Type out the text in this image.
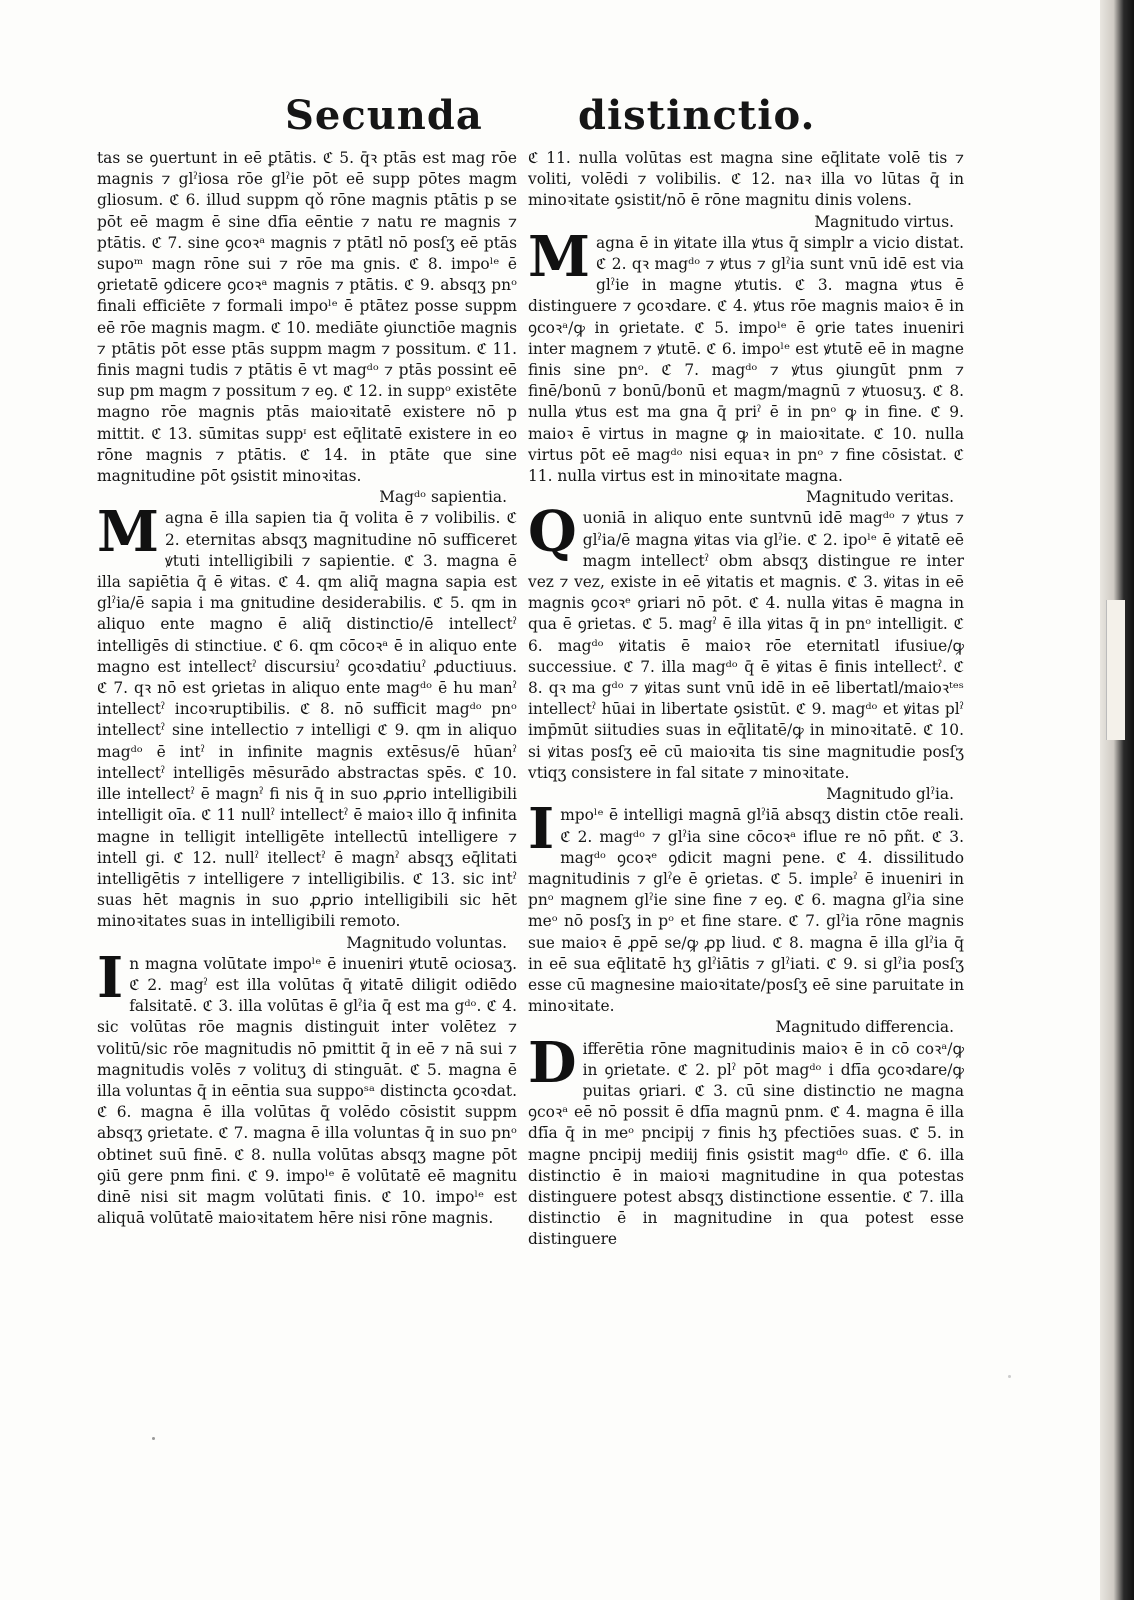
Secunda distinctio.

tas se ꝯuertunt in eē ꝑtātis. ℭ 5. q̄ꝛ ptās est mag rōe magnis ⁊ glˀiosa rōe glˀie pōt eē supp pōtes magm gliosum. ℭ 6. illud suppm qǒ rōne magnis ptātis p se pōt eē magm ē sine dfīa eēntie ⁊ natu re magnis ⁊ ptātis. ℭ 7. sine ꝯcoꝛᵃ magnis ⁊ ptātl nō posſʒ eē ptās supoᵐ magn rōne sui ⁊ rōe ma gnis. ℭ 8. impoˡᵉ ē ꝯrietatē ꝯdicere ꝯcoꝛᵃ magnis ⁊ ptātis. ℭ 9. absqʒ pnᵒ finali efficiēte ⁊ formali impoˡᵉ ē ptātez posse suppm eē rōe magnis magm. ℭ 10. mediāte ꝯiunctiōe magnis ⁊ ptātis pōt esse ptās suppm magm ⁊ possitum. ℭ 11. finis magni tudis ⁊ ptātis ē vt magᵈᵒ ⁊ ptās possint eē sup pm magm ⁊ possitum ⁊ eꝯ. ℭ 12. in suppᵒ existēte magno rōe magnis ptās maioꝛitatē existere nō p mittit. ℭ 13. sūmitas suppᶦ est eq̄litatē existere in eo rōne magnis ⁊ ptātis. ℭ 14. in ptāte que sine magnitudine pōt ꝯsistit minoꝛitas.

Magᵈᵒ sapientia.

Magna ē illa sapien tia q̄ volita ē ⁊ volibilis. ℭ 2. eternitas absqʒ magnitudine nō sufficeret ꝟtuti intelligibili ⁊ sapientie. ℭ 3. magna ē illa sapiētia q̄ ē ꝟitas. ℭ 4. qm aliq̄ magna sapia est glˀia/ē sapia i ma gnitudine desiderabilis. ℭ 5. qm in aliquo ente magno ē aliq̄ distinctio/ē intellectˀ intelligēs di stinctiue. ℭ 6. qm cōcoꝛᵃ ē in aliquo ente magno est intellectˀ discursiuˀ ꝯcoꝛdatiuˀ ꝓductiuus. ℭ 7. qꝛ nō est ꝯrietas in aliquo ente magᵈᵒ ē hu manˀ intellectˀ incoꝛruptibilis. ℭ 8. nō sufficit magᵈᵒ pnᵒ intellectˀ sine intellectio ⁊ intelligi ℭ 9. qm in aliquo magᵈᵒ ē intˀ in infinite magnis extēsus/ē hūanˀ intellectˀ intelligēs mēsurādo abstractas spēs. ℭ 10. ille intellectˀ ē magnˀ fi nis q̄ in suo ꝓꝓrio intelligibili intelligit oīa. ℭ 11 nullˀ intellectˀ ē maioꝛ illo q̄ infinita magne in telligit intelligēte intellectū intelligere ⁊ intell gi. ℭ 12. nullˀ itellectˀ ē magnˀ absqʒ eq̄litati intelligētis ⁊ intelligere ⁊ intelligibilis. ℭ 13. sic intˀ suas hēt magnis in suo ꝓꝓrio intelligibili sic hēt minoꝛitates suas in intelligibili remoto.

Magnitudo voluntas.

In magna volūtate impoˡᵉ ē inueniri ꝟtutē ociosaʒ. ℭ 2. magˀ est illa volūtas q̄ ꝟitatē diligit odiēdo falsitatē. ℭ 3. illa volūtas ē glˀia q̄ est ma gᵈᵒ. ℭ 4. sic volūtas rōe magnis distinguit inter volētez ⁊ volitū/sic rōe magnitudis nō pmittit q̄ in eē ⁊ nā sui ⁊ magnitudis volēs ⁊ volituʒ di stinguāt. ℭ 5. magna ē illa voluntas q̄ in eēntia sua suppoˢᵃ distincta ꝯcoꝛdat. ℭ 6. magna ē illa volūtas q̄ volēdo cōsistit suppm absqʒ ꝯrietate. ℭ 7. magna ē illa voluntas q̄ in suo pnᵒ obtinet suū finē. ℭ 8. nulla volūtas absqʒ magne pōt ꝯiū gere pnm fini. ℭ 9. impoˡᵉ ē volūtatē eē magnitu dinē nisi sit magm volūtati finis. ℭ 10. impoˡᵉ est aliquā volūtatē maioꝛitatem hēre nisi rōne magnis.

ℭ 11. nulla volūtas est magna sine eq̄litate volē tis ⁊ voliti, volēdi ⁊ volibilis. ℭ 12. naꝛ illa vo lūtas q̄ in minoꝛitate ꝯsistit/nō ē rōne magnitu dinis volens.

Magnitudo virtus.

Magna ē in ꝟitate illa ꝟtus q̄ simplr a vicio distat. ℭ 2. qꝛ magᵈᵒ ⁊ ꝟtus ⁊ glˀia sunt vnū idē est via glˀie in magne ꝟtutis. ℭ 3. magna ꝟtus ē distinguere ⁊ ꝯcoꝛdare. ℭ 4. ꝟtus rōe magnis maioꝛ ē in ꝯcoꝛᵃ/ꝙ in ꝯrietate. ℭ 5. impoˡᵉ ē ꝯrie tates inueniri inter magnem ⁊ ꝟtutē. ℭ 6. impoˡᵉ est ꝟtutē eē in magne finis sine pnᵒ. ℭ 7. magᵈᵒ ⁊ ꝟtus ꝯiungūt pnm ⁊ finē/bonū ⁊ bonū/bonū et magm/magnū ⁊ ꝟtuosuʒ. ℭ 8. nulla ꝟtus est ma gna q̄ priˀ ē in pnᵒ ꝙ in fine. ℭ 9. maioꝛ ē virtus in magne ꝙ in maioꝛitate. ℭ 10. nulla virtus pōt eē magᵈᵒ nisi equaꝛ in pnᵒ ⁊ fine cōsistat. ℭ 11. nulla virtus est in minoꝛitate magna.

Magnitudo veritas.

Quoniā in aliquo ente suntvnū idē magᵈᵒ ⁊ ꝟtus ⁊ glˀia/ē magna ꝟitas via glˀie. ℭ 2. ipoˡᵉ ē ꝟitatē eē magm intellectˀ obm absqʒ distingue re inter vez ⁊ vez, existe in eē ꝟitatis et magnis. ℭ 3. ꝟitas in eē magnis ꝯcoꝛᵉ ꝯriari nō pōt. ℭ 4. nulla ꝟitas ē magna in qua ē ꝯrietas. ℭ 5. magˀ ē illa ꝟitas q̄ in pnᵒ intelligit. ℭ 6. magᵈᵒ ꝟitatis ē maioꝛ rōe eternitatl ifusiue/ꝙ successiue. ℭ 7. illa magᵈᵒ q̄ ē ꝟitas ē finis intellectˀ. ℭ 8. qꝛ ma gᵈᵒ ⁊ ꝟitas sunt vnū idē in eē libertatl/maioꝛᵗᵉˢ intellectˀ hūai in libertate ꝯsistūt. ℭ 9. magᵈᵒ et ꝟitas plˀ imp̄mūt siitudies suas in eq̄litatē/ꝙ in minoꝛitatē. ℭ 10. si ꝟitas posſʒ eē cū maioꝛita tis sine magnitudie posſʒ vtiqʒ consistere in fal sitate ⁊ minoꝛitate.

Magnitudo glˀia.

Impoˡᵉ ē intelligi magnā glˀiā absqʒ distin ctōe reali. ℭ 2. magᵈᵒ ⁊ glˀia sine cōcoꝛᵃ iflue re nō pñt. ℭ 3. magᵈᵒ ꝯcoꝛᵉ ꝯdicit magni pene. ℭ 4. dissilitudo magnitudinis ⁊ glˀe ē ꝯrietas. ℭ 5. impleˀ ē inueniri in pnᵒ magnem glˀie sine fine ⁊ eꝯ. ℭ 6. magna glˀia sine meᵒ nō posſʒ in pᵒ et fine stare. ℭ 7. glˀia rōne magnis sue maioꝛ ē ꝓpē se/ꝙ ꝓp liud. ℭ 8. magna ē illa glˀia q̄ in eē sua eq̄litatē hʒ glˀiātis ⁊ glˀiati. ℭ 9. si glˀia posſʒ esse cū magnesine maioꝛitate/posſʒ eē sine paruitate in minoꝛitate.

Magnitudo differencia.

Differētia rōne magnitudinis maioꝛ ē in cō coꝛᵃ/ꝙ in ꝯrietate. ℭ 2. plˀ pōt magᵈᵒ i dfīa ꝯcoꝛdare/ꝙ puitas ꝯriari. ℭ 3. cū sine distinctio ne magna ꝯcoꝛᵃ eē nō possit ē dfīa magnū pnm. ℭ 4. magna ē illa dfīa q̄ in meᵒ pncipij ⁊ finis hʒ pfectiōes suas. ℭ 5. in magne pncipij mediij finis ꝯsistit magᵈᵒ dfīe. ℭ 6. illa distinctio ē in maioꝛi magnitudine in qua potestas distinguere potest absqʒ distinctione essentie. ℭ 7. illa distinctio ē in magnitudine in qua potest esse distinguere
